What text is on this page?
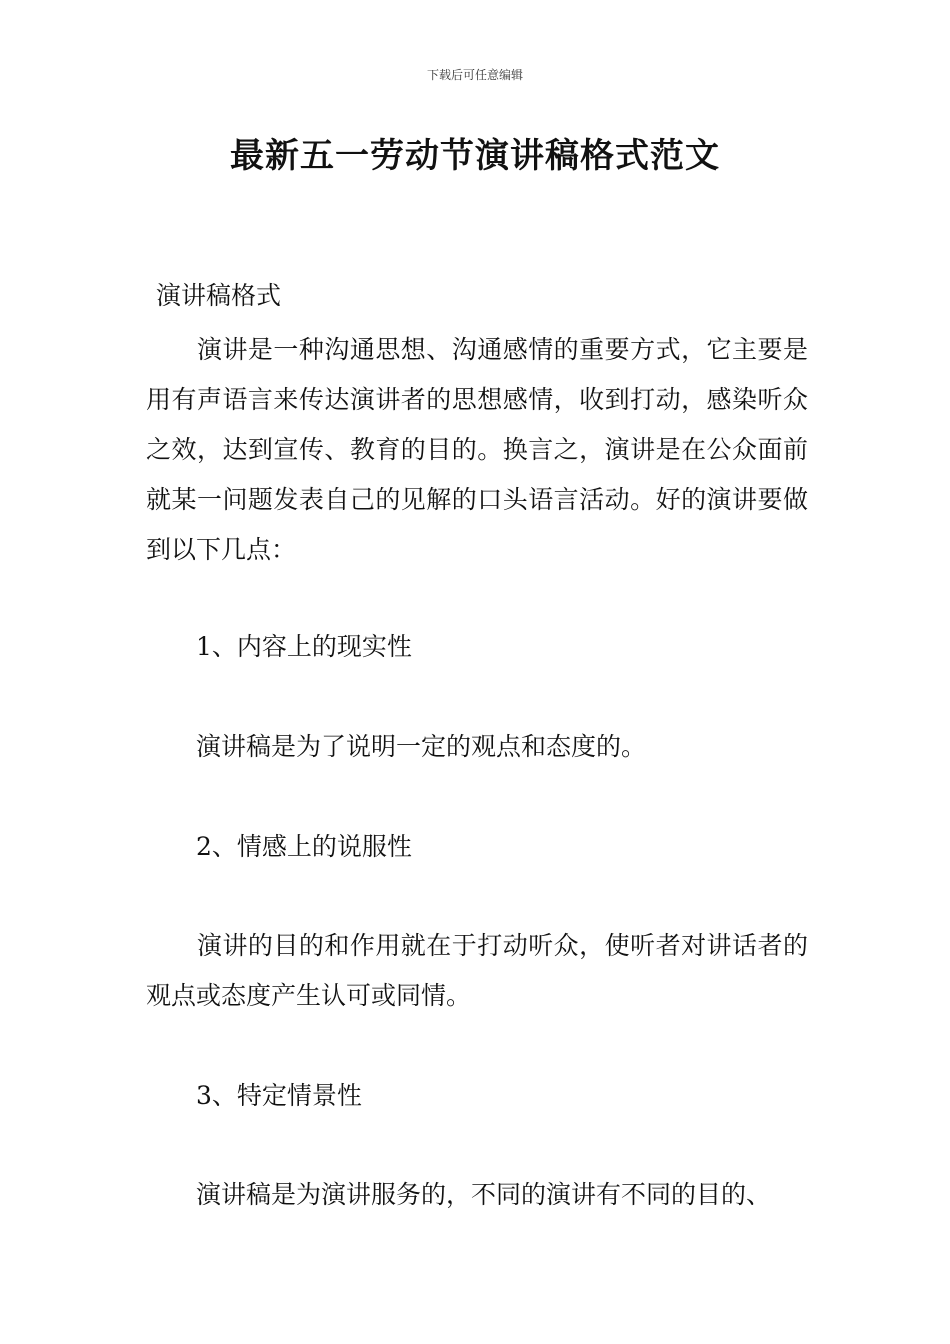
下载后可任意编辑
最新五一劳动节演讲稿格式范文

演讲稿格式

　　演讲是一种沟通思想、沟通感情的重要方式，它主要是用有声语言来传达演讲者的思想感情，收到打动，感染听众之效，达到宣传、教育的目的。换言之，演讲是在公众面前就某一问题发表自己的见解的口头语言活动。好的演讲要做到以下几点：

　　1、内容上的现实性

　　演讲稿是为了说明一定的观点和态度的。

　　2、情感上的说服性

　　演讲的目的和作用就在于打动听众，使听者对讲话者的观点或态度产生认可或同情。

　　3、特定情景性

　　演讲稿是为演讲服务的，不同的演讲有不同的目的、
